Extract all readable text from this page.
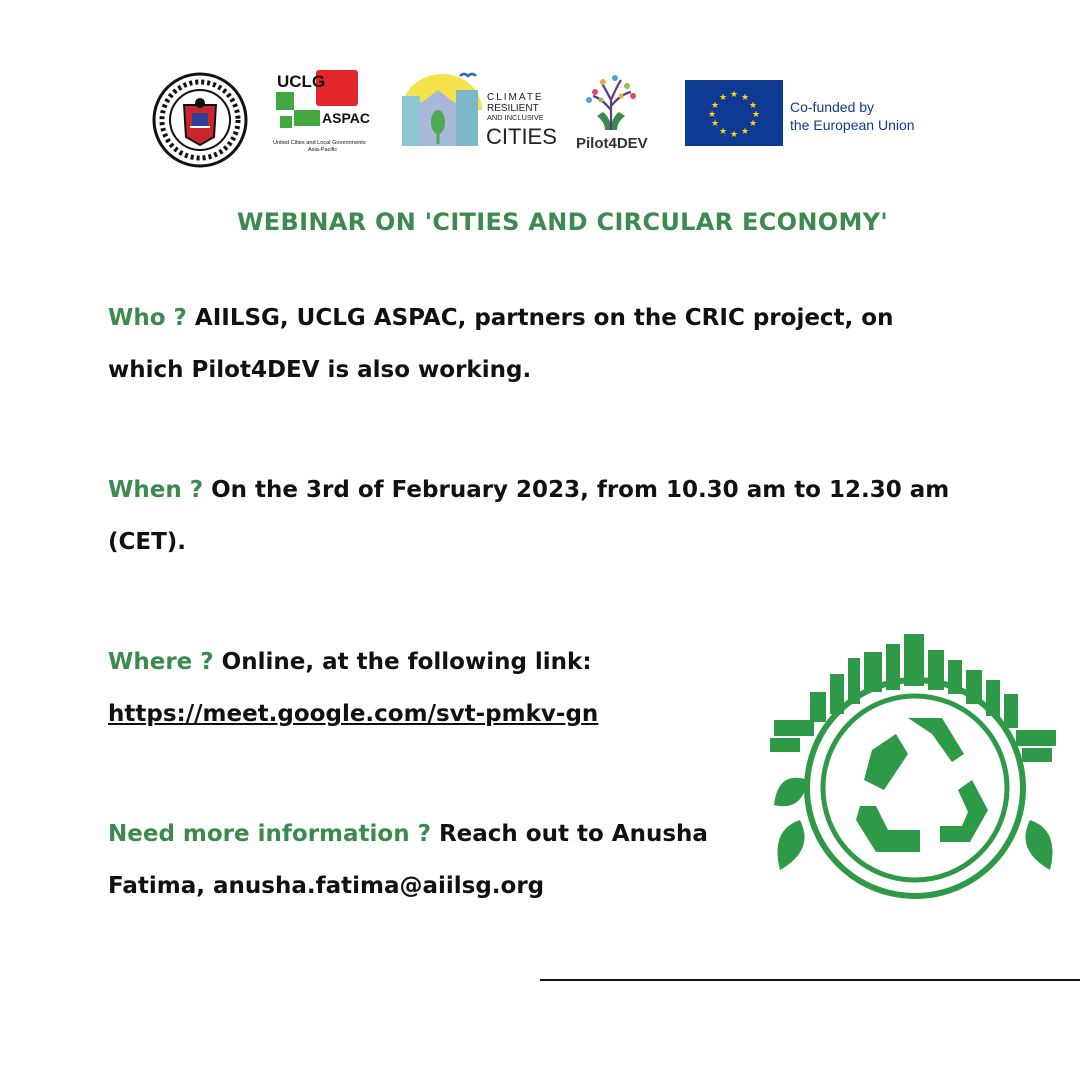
UCLG
ASPAC
United Cities and Local Governments
Asia-Pacific
CLIMATE
RESILIENT
AND INCLUSIVE
CITIES Pilot4DEV
★ ★
★
★
★
★
★
★
★
★
★
★
Co-funded by
the European Union
WEBINAR ON 'CITIES AND CIRCULAR ECONOMY'
Who ? AIILSG, UCLG ASPAC, partners on the CRIC project, on which Pilot4DEV is also working.
When ? On the 3rd of February 2023, from 10.30 am to 12.30 am (CET).
Where ? Online, at the following link:
https://meet.google.com/svt-pmkv-gn
Need more information ? Reach out to Anusha Fatima, anusha.fatima@aiilsg.org
